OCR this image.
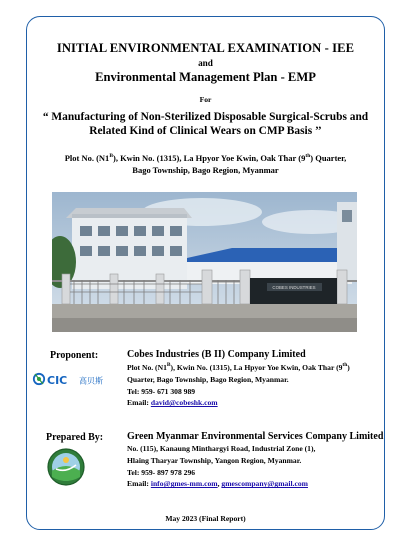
INITIAL ENVIRONMENTAL EXAMINATION - IEE
and
Environmental Management Plan - EMP
For
“ Manufacturing of Non-Sterilized Disposable Surgical-Scrubs and
Related Kind of Clinical Wears on CMP Basis ’’
Plot No. $(N1^B)$, Kwin No. (1315), La Hpyor Yoe Kwin, Oak Thar (9th) Quarter,
Bago Township, Bago Region, Myanmar
COBES INDUSTRIES
Proponent:
CIC 高贝斯
Cobes Industries (B II) Company Limited
Plot No. $(N1^B)$, Kwin No. (1315), La Hpyor Yoe Kwin, Oak Thar (9th)
Quarter, Bago Township, Bago Region, Myanmar.
Tel: 959- 671 308 989
Email: david@cobeshk.com
Prepared By: Green Myanmar Environmental Services Company Limited
No. (115), Kanaung Minthargyi Road, Industrial Zone (1),
Hlaing Tharyar Township, Yangon Region, Myanmar.
Tel: 959- 897 978 296
Email: info@gmes-mm.com, gmescompany@gmail.com
May 2023 (Final Report)
